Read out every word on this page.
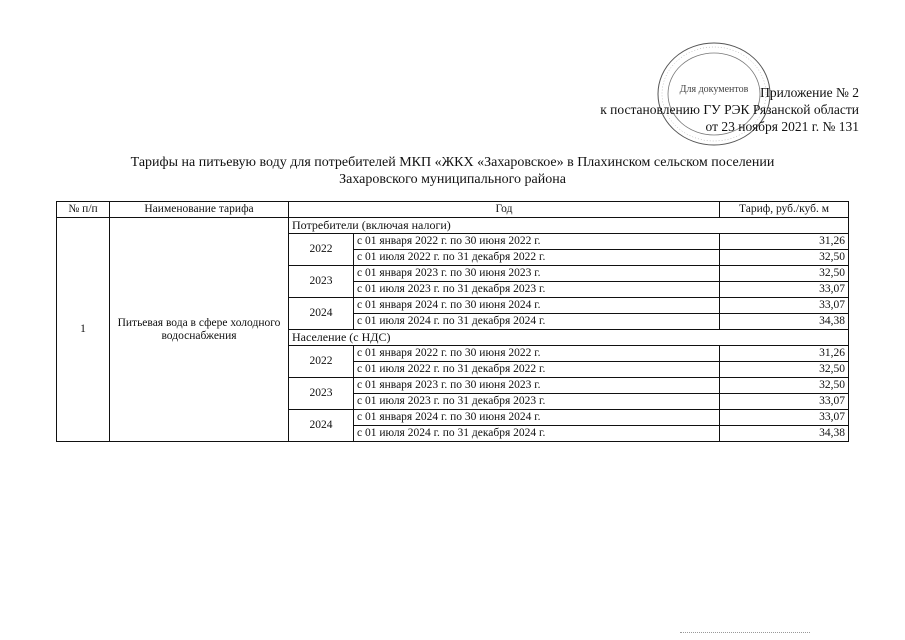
Для документов Приложение № 2
к постановлению ГУ РЭК Рязанской области
от 23 ноября 2021 г. № 131
Тарифы на питьевую воду для потребителей МКП «ЖКХ «Захаровское» в Плахинском сельском поселении
Захаровского муниципального района
№ п/п	Наименование тарифа	Год		Тариф, руб./куб. м
1	Питьевая вода в сфере холодного водоснабжения	Потребители (включая налоги)		
		2022	с 01 января 2022 г. по 30 июня 2022 г.	31,26
			с 01 июля 2022 г. по 31 декабря 2022 г.	32,50
		2023	с 01 января 2023 г. по 30 июня 2023 г.	32,50
			с 01 июля 2023 г. по 31 декабря 2023 г.	33,07
		2024	с 01 января 2024 г. по 30 июня 2024 г.	33,07
			с 01 июля 2024 г. по 31 декабря 2024 г.	34,38
		Население (с НДС)		
		2022	с 01 января 2022 г. по 30 июня 2022 г.	31,26
			с 01 июля 2022 г. по 31 декабря 2022 г.	32,50
		2023	с 01 января 2023 г. по 30 июня 2023 г.	32,50
			с 01 июля 2023 г. по 31 декабря 2023 г.	33,07
		2024	с 01 января 2024 г. по 30 июня 2024 г.	33,07
			с 01 июля 2024 г. по 31 декабря 2024 г.	34,38
